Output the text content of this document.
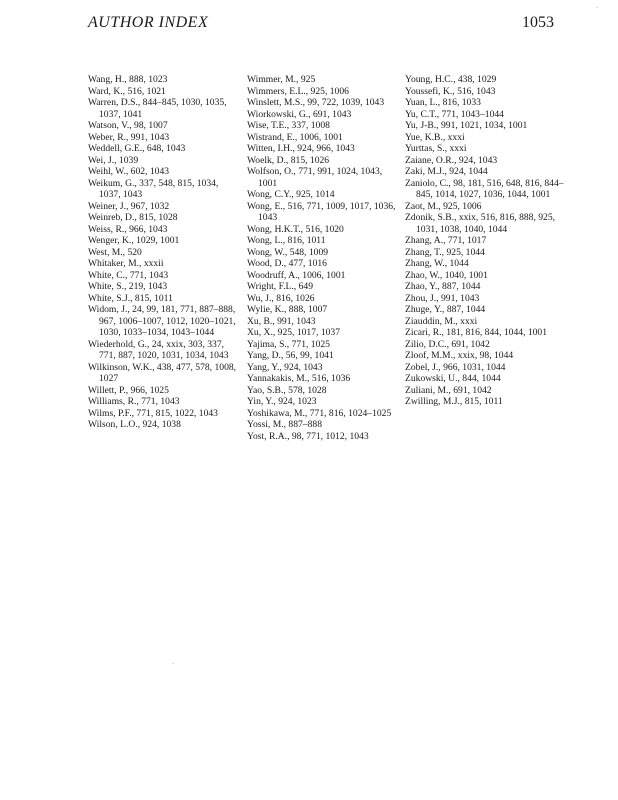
AUTHOR INDEX	1053
·
·
Wang, H., 888, 1023
Ward, K., 516, 1021
Warren, D.S., 844–845, 1030, 1035, 1037, 1041
Watson, V., 98, 1007
Weber, R., 991, 1043
Weddell, G.E., 648, 1043
Wei, J., 1039
Weihl, W., 602, 1043
Weikum, G., 337, 548, 815, 1034, 1037, 1043
Weiner, J., 967, 1032
Weinreb, D., 815, 1028
Weiss, R., 966, 1043
Wenger, K., 1029, 1001
West, M., 520
Whitaker, M., xxxii
White, C., 771, 1043
White, S., 219, 1043
White, S.J., 815, 1011
Widom, J., 24, 99, 181, 771, 887–888, 967, 1006–1007, 1012, 1020–1021, 1030, 1033–1034, 1043–1044
Wiederhold, G., 24, xxix, 303, 337, 771, 887, 1020, 1031, 1034, 1043
Wilkinson, W.K., 438, 477, 578, 1008, 1027
Willett, P., 966, 1025
Williams, R., 771, 1043
Wilms, P.F., 771, 815, 1022, 1043
Wilson, L.O., 924, 1038
Wimmer, M., 925
Wimmers, E.L., 925, 1006
Winslett, M.S., 99, 722, 1039, 1043
Wiorkowski, G., 691, 1043
Wise, T.E., 337, 1008
Wistrand, E., 1006, 1001
Witten, I.H., 924, 966, 1043
Woelk, D., 815, 1026
Wolfson, O., 771, 991, 1024, 1043, 1001
Wong, C.Y., 925, 1014
Wong, E., 516, 771, 1009, 1017, 1036, 1043
Wong, H.K.T., 516, 1020
Wong, L., 816, 1011
Wong, W., 548, 1009
Wood, D., 477, 1016
Woodruff, A., 1006, 1001
Wright, F.L., 649
Wu, J., 816, 1026
Wylie, K., 888, 1007
Xu, B., 991, 1043
Xu, X., 925, 1017, 1037
Yajima, S., 771, 1025
Yang, D., 56, 99, 1041
Yang, Y., 924, 1043
Yannakakis, M., 516, 1036
Yao, S.B., 578, 1028
Yin, Y., 924, 1023
Yoshikawa, M., 771, 816, 1024–1025
Yossi, M., 887–888
Yost, R.A., 98, 771, 1012, 1043
Young, H.C., 438, 1029
Youssefi, K., 516, 1043
Yuan, L., 816, 1033
Yu, C.T., 771, 1043–1044
Yu, J-B., 991, 1021, 1034, 1001
Yue, K.B., xxxi
Yurttas, S., xxxi
Zaiane, O.R., 924, 1043
Zaki, M.J., 924, 1044
Zaniolo, C., 98, 181, 516, 648, 816, 844–845, 1014, 1027, 1036, 1044, 1001
Zaot, M., 925, 1006
Zdonik, S.B., xxix, 516, 816, 888, 925, 1031, 1038, 1040, 1044
Zhang, A., 771, 1017
Zhang, T., 925, 1044
Zhang, W., 1044
Zhao, W., 1040, 1001
Zhao, Y., 887, 1044
Zhou, J., 991, 1043
Zhuge, Y., 887, 1044
Ziauddin, M., xxxi
Zicari, R., 181, 816, 844, 1044, 1001
Zilio, D.C., 691, 1042
Zloof, M.M., xxix, 98, 1044
Zobel, J., 966, 1031, 1044
Zukowski, U., 844, 1044
Zuliani, M., 691, 1042
Zwilling, M.J., 815, 1011
